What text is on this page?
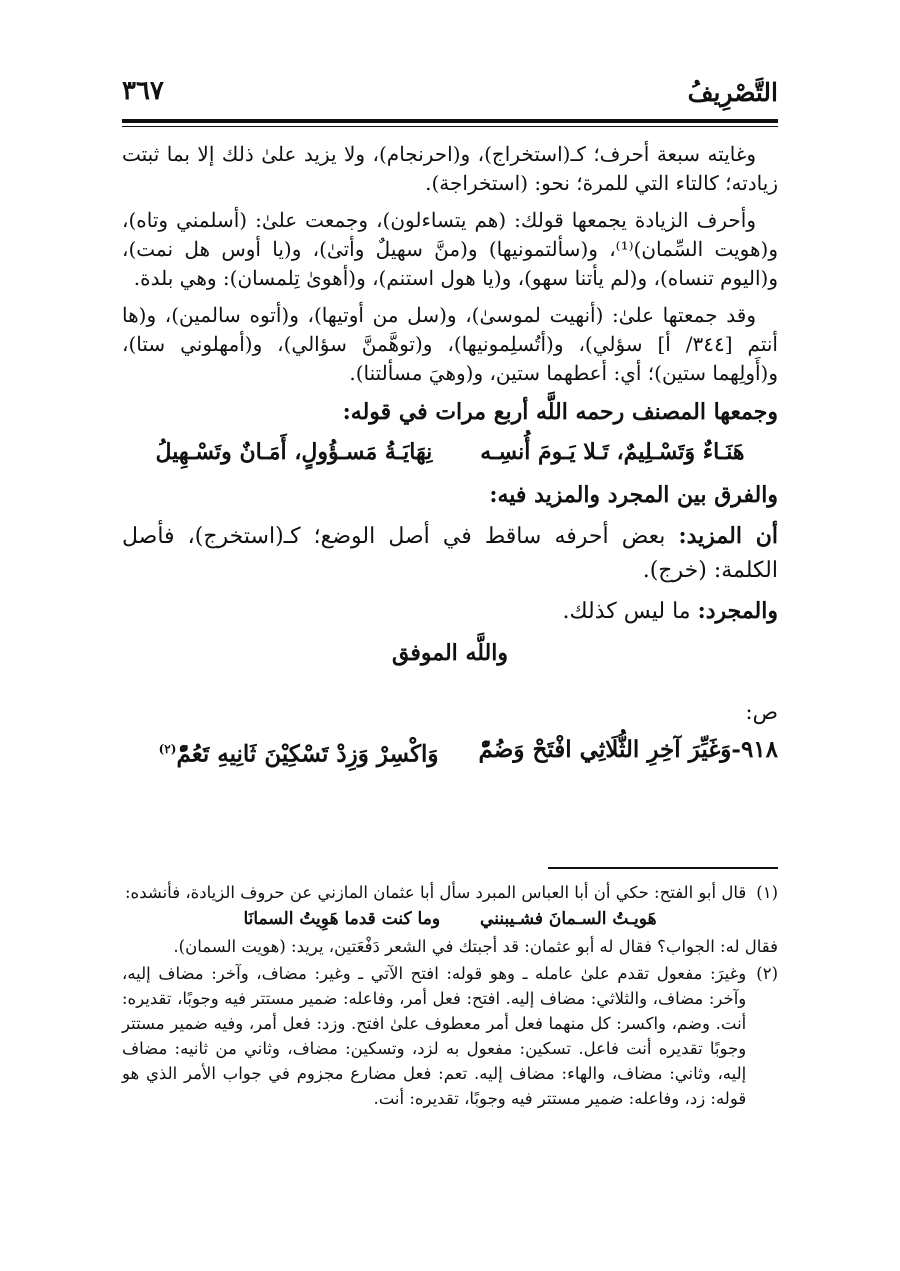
التَّصْرِيفُ
٣٦٧

وغايته سبعة أحرف؛ كـ(استخراج)، و(احرنجام)، ولا يزيد علىٰ ذلك إلا بما ثبتت زيادته؛ كالتاء التي للمرة؛ نحو: (استخراجة).

وأحرف الزيادة يجمعها قولك: (هم يتساءلون)، وجمعت علىٰ: (أسلمني وتاه)، و(هويت السِّمان)⁽¹⁾، و(سألتمونيها) و(منَّ سهيلٌ وأتىٰ)، و(يا أوس هل نمت)، و(اليوم تنساه)، و(لم يأتنا سهو)، و(يا هول استنم)، و(أهوىٰ تِلمسان): وهي بلدة.

وقد جمعتها علىٰ: (أنهيت لموسىٰ)، و(سل من أوتيها)، و(أتوه سالمين)، و(ها أنتم [٣٤٤/ أ] سؤلي)، و(أتُسلِمونيها)، و(توهَّمنَّ سؤالي)، و(أمهلوني ستا)، و(أَولِهما ستين)؛ أي: أعطهما ستين، و(وهيَ مسألتنا).

وجمعها المصنف رحمه اللَّه أربع مرات في قوله:

هَنَـاءٌ وَتَسْـلِيمٌ، تَـلا يَـومَ أُنسِـه
نِهَايَـةُ مَسـؤُولٍ، أَمَـانٌ وتَسْـهِيلُ

والفرق بين المجرد والمزيد فيه:

أن المزيد: بعض أحرفه ساقط في أصل الوضع؛ كـ(استخرج)، فأصل الكلمة: (خرج).

والمجرد: ما ليس كذلك.

واللَّه الموفق

ص:

٩١٨-وَغَيِّرَ آخِرِ الثُّلَاثِي افْتَحْ وَضُمّْ
وَاكْسِرْ وَزِدْ تَسْكِيْنَ ثَانِيهِ تَعُمّْ$^{(٢)}$
(١)
قال أبو الفتح: حكي أن أبا العباس المبرد سأل أبا عثمان المازني عن حروف الزيادة، فأنشده:
هَويـتُ السـمانَ فشـيبنني
وما كنت قدما هَوِيتُ السمانَا
فقال له: الجواب؟ فقال له أبو عثمان: قد أجبتك في الشعر دَفْعَتين، يريد: (هويت السمان).
(٢)
وغيرَ: مفعول تقدم علىٰ عامله ـ وهو قوله: افتح الآتي ـ وغير: مضاف، وآخر: مضاف إليه، وآخر: مضاف، والثلاثي: مضاف إليه. افتح: فعل أمر، وفاعله: ضمير مستتر فيه وجوبًا، تقديره: أنت. وضم، واكسر: كل منهما فعل أمر معطوف علىٰ افتح. وزد: فعل أمر، وفيه ضمير مستتر وجوبًا تقديره أنت فاعل. تسكين: مفعول به لزد، وتسكين: مضاف، وثاني من ثانيه: مضاف إليه، وثاني: مضاف، والهاء: مضاف إليه. تعم: فعل مضارع مجزوم في جواب الأمر الذي هو قوله: زد، وفاعله: ضمير مستتر فيه وجوبًا، تقديره: أنت.
